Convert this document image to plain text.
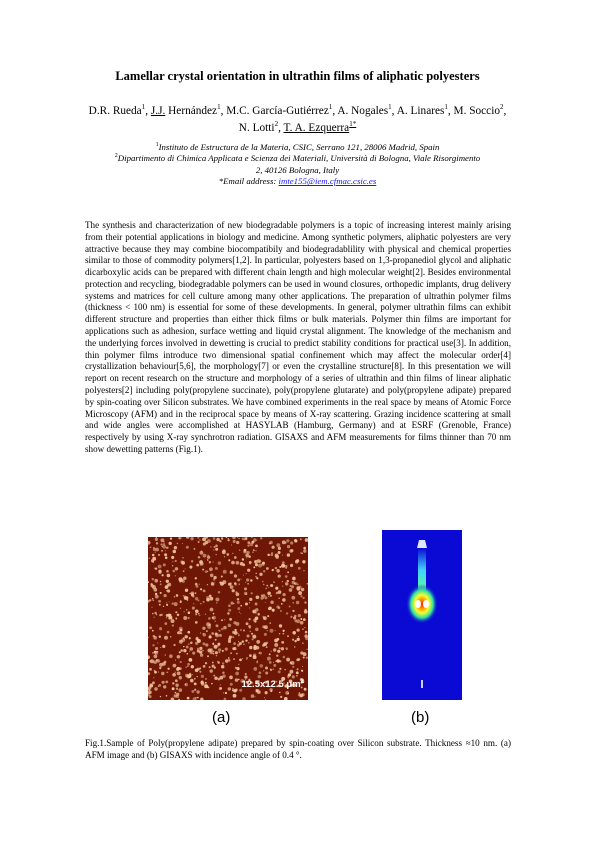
Lamellar crystal orientation in ultrathin films of aliphatic polyesters
D.R. Rueda$^1$, J.J. Hernández$^1$, M.C. García-Gutiérrez$^1$, A. Nogales$^1$, A. Linares$^1$, M. Soccio$^2$, N. Lotti$^2$, T. A. Ezquerra$^{1*}$
$^1$Instituto de Estructura de la Materia, CSIC, Serrano 121, 28006 Madrid, Spain
$^2$Dipartimento di Chimica Applicata e Scienza dei Materiali, Università di Bologna, Viale Risorgimento
2, 40126 Bologna, Italy
*Email address: imte155@iem.cfmac.csic.es
The synthesis and characterization of new biodegradable polymers is a topic of increasing interest mainly arising from their potential applications in biology and medicine. Among synthetic polymers, aliphatic polyesters are very attractive because they may combine biocompatibily and biodegradablility with physical and chemical properties similar to those of commodity polymers[1,2]. In particular, polyesters based on 1,3-propanediol glycol and aliphatic dicarboxylic acids can be prepared with different chain length and high molecular weight[2]. Besides environmental protection and recycling, biodegradable polymers can be used in wound closures, orthopedic implants, drug delivery systems and matrices for cell culture among many other applications. The preparation of ultrathin polymer films (thickness < 100 nm) is essential for some of these developments. In general, polymer ultrathin films can exhibit different structure and properties than either thick films or bulk materials. Polymer thin films are important for applications such as adhesion, surface wetting and liquid crystal alignment. The knowledge of the mechanism and the underlying forces involved in dewetting is crucial to predict stability conditions for practical use[3]. In addition, thin polymer films introduce two dimensional spatial confinement which may affect the molecular order[4] crystallization behaviour[5,6], the morphology[7] or even the crystalline structure[8]. In this presentation we will report on recent research on the structure and morphology of a series of ultrathin and thin films of linear aliphatic polyesters[2] including poly(propylene succinate), poly(propylene glutarate) and poly(propylene adipate) prepared by spin-coating over Silicon substrates. We have combined experiments in the real space by means of Atomic Force Microscopy (AFM) and in the reciprocal space by means of X-ray scattering. Grazing incidence scattering at small and wide angles were accomplished at HASYLAB (Hamburg, Germany) and at ESRF (Grenoble, France) respectively by using X-ray synchrotron radiation. GISAXS and AFM measurements for films thinner than 70 nm show dewetting patterns (Fig.1).
12.5x12.5 $\mu m^2$
(a)	(b)
Fig.1.Sample of Poly(propylene adipate) prepared by spin-coating over Silicon substrate. Thickness ≈10 nm. (a) AFM image and (b) GISAXS with incidence angle of 0.4 °.
